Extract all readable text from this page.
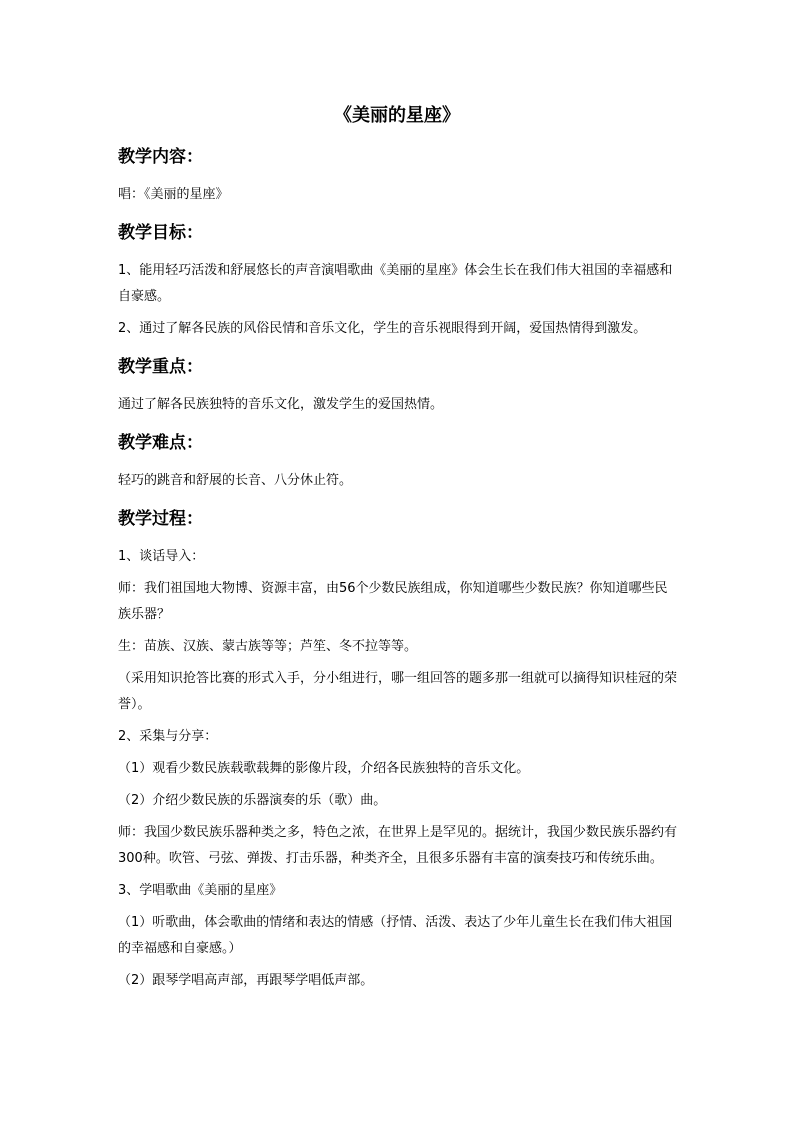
《美丽的星座》
教学内容：
唱：《美丽的星座》
教学目标：
1、能用轻巧活泼和舒展悠长的声音演唱歌曲《美丽的星座》体会生长在我们伟大祖国的幸福感和自豪感。
2、通过了解各民族的风俗民情和音乐文化，学生的音乐视眼得到开阔，爱国热情得到激发。
教学重点：
通过了解各民族独特的音乐文化，激发学生的爱国热情。
教学难点：
轻巧的跳音和舒展的长音、八分休止符。
教学过程：
1、谈话导入：
师：我们祖国地大物博、资源丰富，由56个少数民族组成，你知道哪些少数民族？你知道哪些民族乐器？
生：苗族、汉族、蒙古族等等；芦笙、冬不拉等等。
（采用知识抢答比赛的形式入手，分小组进行，哪一组回答的题多那一组就可以摘得知识桂冠的荣誉）。
2、采集与分享：
（1）观看少数民族载歌载舞的影像片段，介绍各民族独特的音乐文化。
（2）介绍少数民族的乐器演奏的乐（歌）曲。
师：我国少数民族乐器种类之多，特色之浓，在世界上是罕见的。据统计，我国少数民族乐器约有300种。吹管、弓弦、弹拨、打击乐器，种类齐全，且很多乐器有丰富的演奏技巧和传统乐曲。
3、学唱歌曲《美丽的星座》
（1）听歌曲，体会歌曲的情绪和表达的情感（抒情、活泼、表达了少年儿童生长在我们伟大祖国的幸福感和自豪感。）
（2）跟琴学唱高声部，再跟琴学唱低声部。
